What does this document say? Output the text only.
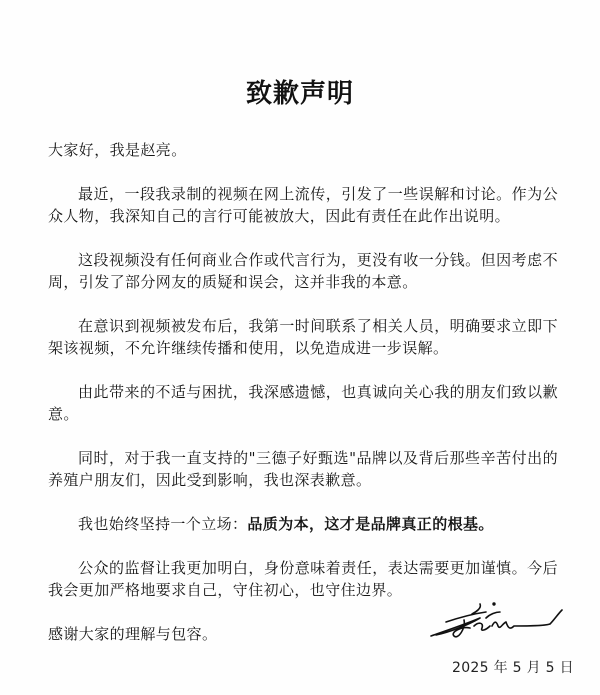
致歉声明

大家好，我是赵亮。

最近，一段我录制的视频在网上流传，引发了一些误解和讨论。作为公众人物，我深知自己的言行可能被放大，因此有责任在此作出说明。

这段视频没有任何商业合作或代言行为，更没有收一分钱。但因考虑不周，引发了部分网友的质疑和误会，这并非我的本意。

在意识到视频被发布后，我第一时间联系了相关人员，明确要求立即下架该视频，不允许继续传播和使用，以免造成进一步误解。

由此带来的不适与困扰，我深感遗憾，也真诚向关心我的朋友们致以歉意。

同时，对于我一直支持的"三德子好甄选"品牌以及背后那些辛苦付出的养殖户朋友们，因此受到影响，我也深表歉意。

我也始终坚持一个立场：品质为本，这才是品牌真正的根基。

公众的监督让我更加明白，身份意味着责任，表达需要更加谨慎。今后我会更加严格地要求自己，守住初心，也守住边界。

感谢大家的理解与包容。

2025 年 5 月 5 日
